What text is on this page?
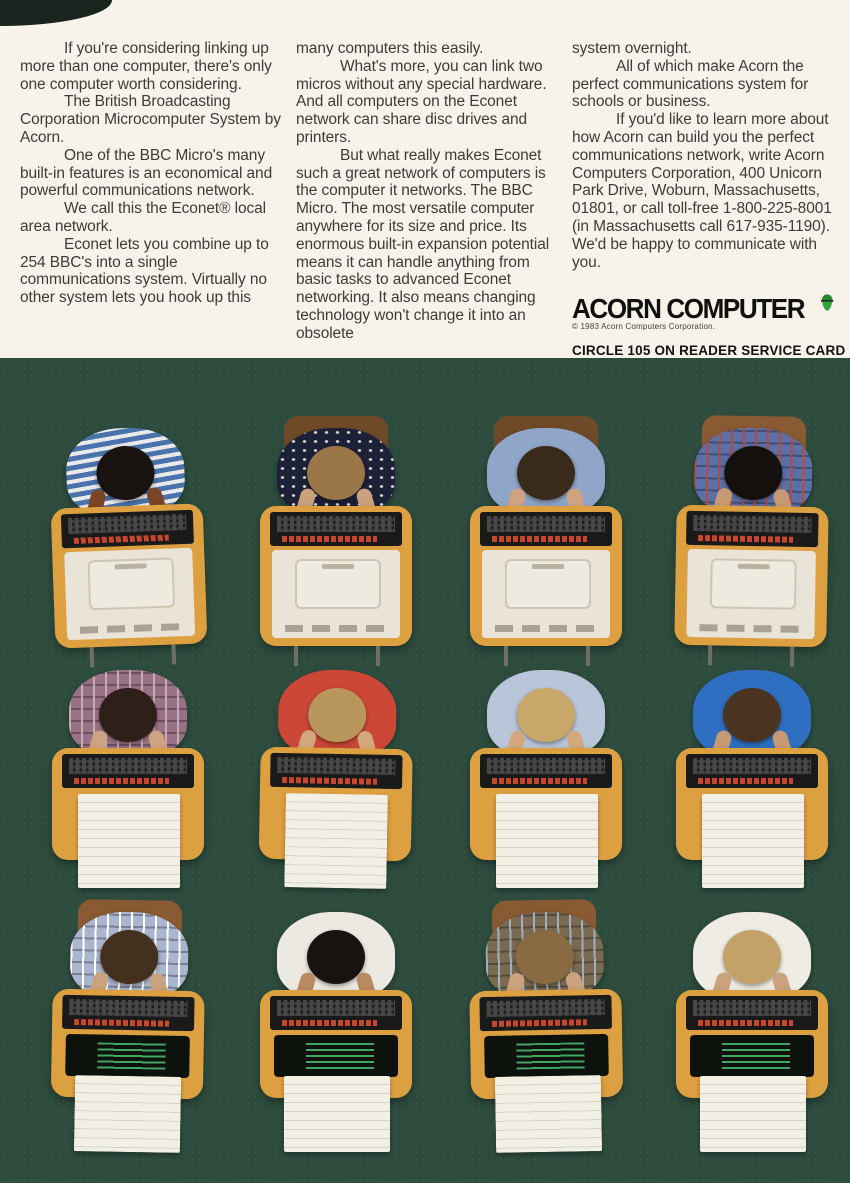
If you're considering linking up more than one computer, there's only one computer worth considering.

The British Broadcasting Corporation Microcomputer System by Acorn.

One of the BBC Micro's many built-in features is an economical and powerful communications network.

We call this the Econet® local area network.

Econet lets you combine up to 254 BBC's into a single communications system. Virtually no other system lets you hook up this

many computers this easily.

What's more, you can link two micros without any special hardware. And all computers on the Econet network can share disc drives and printers.

But what really makes Econet such a great network of computers is the computer it networks. The BBC Micro. The most versatile computer anywhere for its size and price. Its enormous built-in expansion potential means it can handle anything from basic tasks to advanced Econet networking. It also means changing technology won't change it into an obsolete

system overnight.

All of which make Acorn the perfect communications system for schools or business.

If you'd like to learn more about how Acorn can build you the perfect communications network, write Acorn Computers Corporation, 400 Unicorn Park Drive, Woburn, Massachusetts, 01801, or call toll-free 1-800-225-8001 (in Massachusetts call 617-935-1190). We'd be happy to communicate with you.

ACORN COMPUTER
© 1983 Acorn Computers Corporation.
CIRCLE 105 ON READER SERVICE CARD
